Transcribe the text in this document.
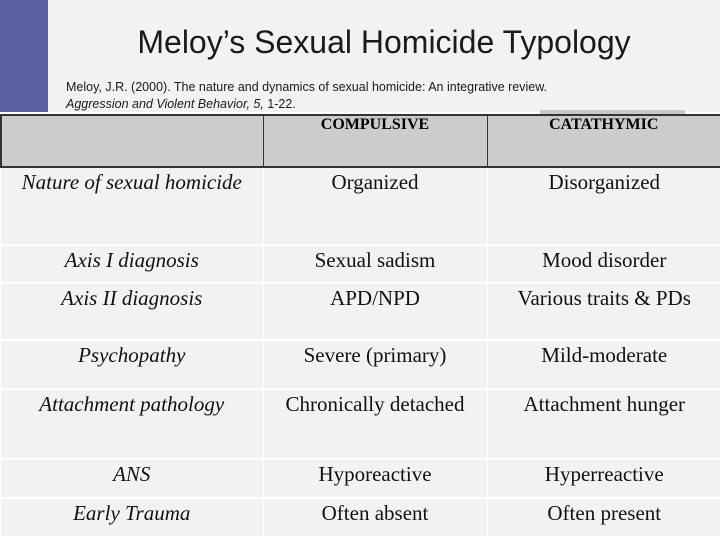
Meloy’s Sexual Homicide Typology

Meloy, J.R. (2000). The nature and dynamics of sexual homicide: An integrative review.
Aggression and Violent Behavior, 5, 1-22.

	COMPULSIVE	CATATHYMIC
Nature of sexual homicide	Organized	Disorganized
Axis I diagnosis	Sexual sadism	Mood disorder
Axis II diagnosis	APD/NPD	Various traits & PDs
Psychopathy	Severe (primary)	Mild-moderate
Attachment pathology	Chronically detached	Attachment hunger
ANS	Hyporeactive	Hyperreactive
Early Trauma	Often absent	Often present
